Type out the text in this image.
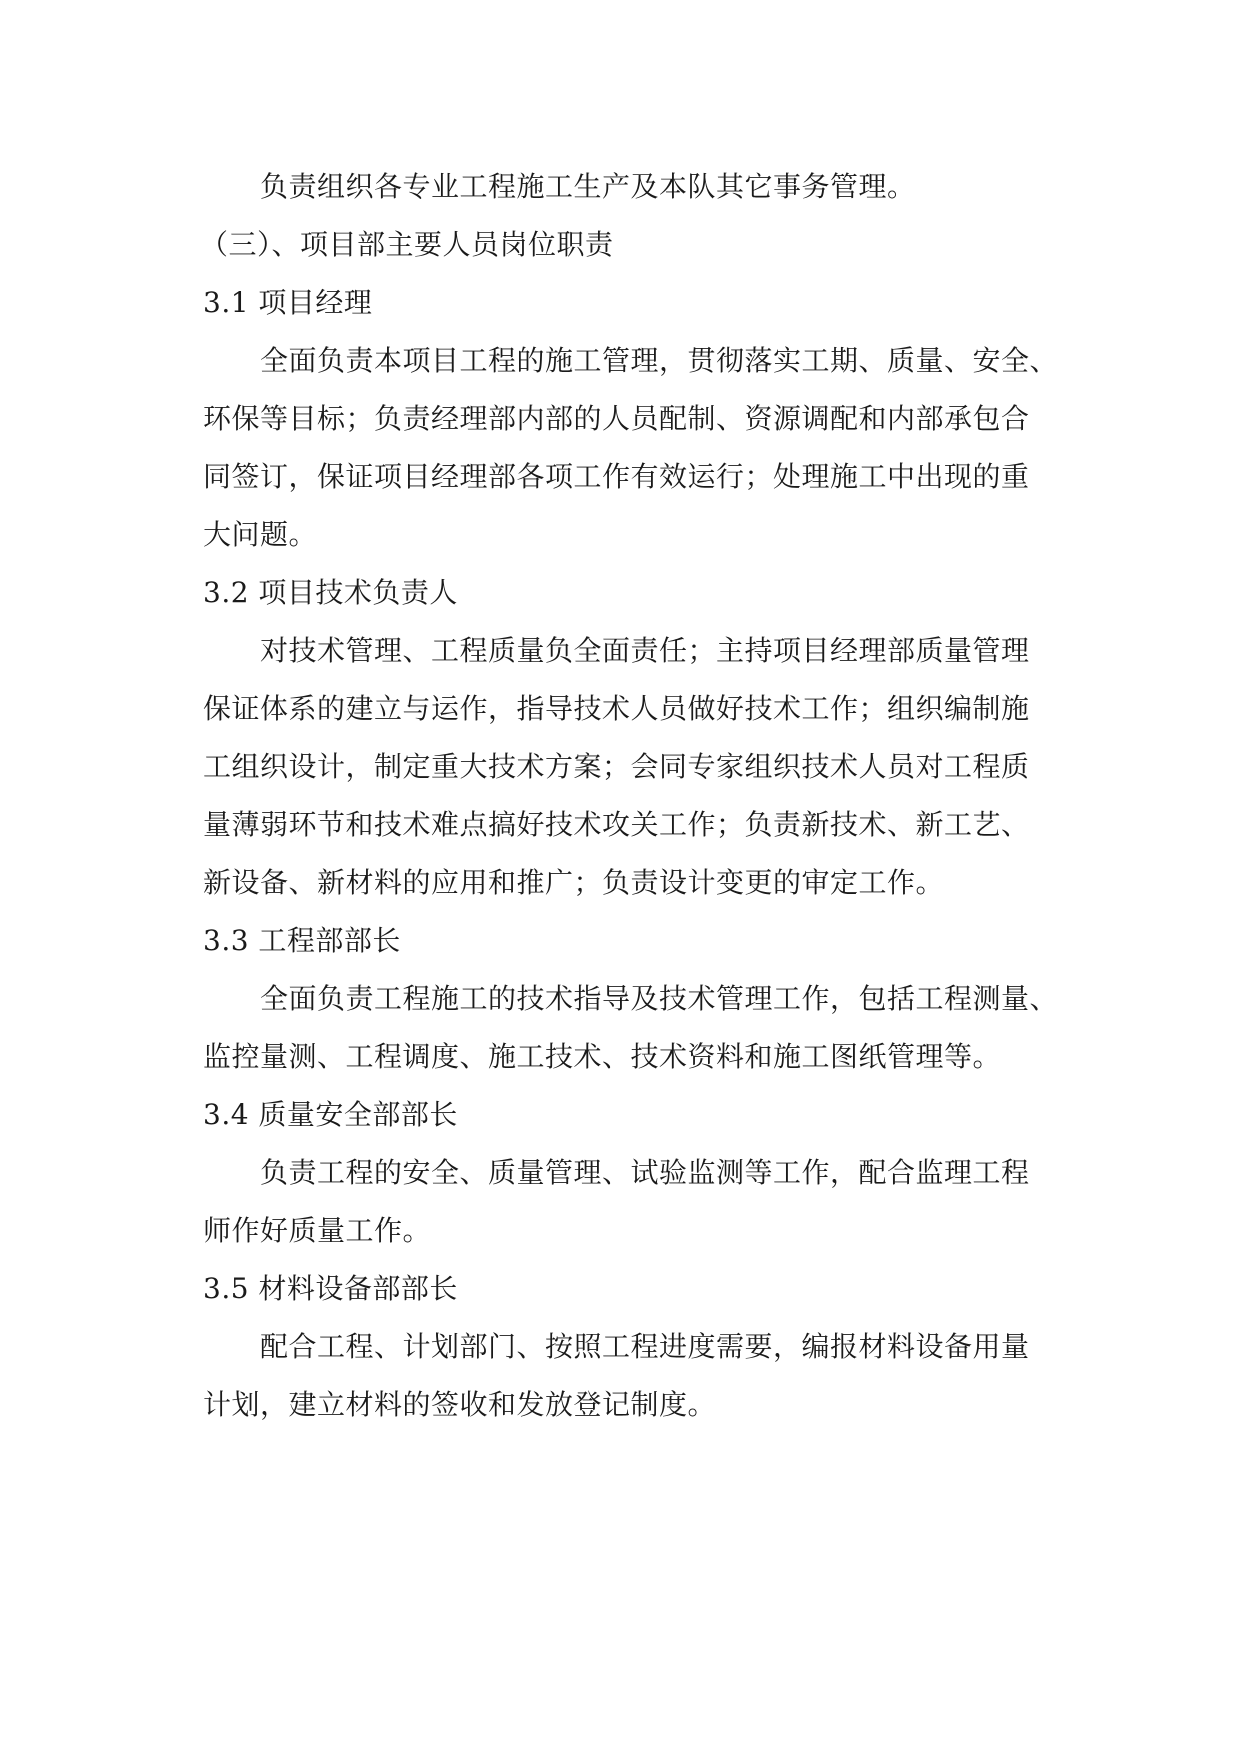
负责组织各专业工程施工生产及本队其它事务管理。
（三）、项目部主要人员岗位职责
3.1 项目经理
全面负责本项目工程的施工管理，贯彻落实工期、质量、安全、
环保等目标；负责经理部内部的人员配制、资源调配和内部承包合
同签订，保证项目经理部各项工作有效运行；处理施工中出现的重
大问题。
3.2 项目技术负责人
对技术管理、工程质量负全面责任；主持项目经理部质量管理
保证体系的建立与运作，指导技术人员做好技术工作；组织编制施
工组织设计，制定重大技术方案；会同专家组织技术人员对工程质
量薄弱环节和技术难点搞好技术攻关工作；负责新技术、新工艺、
新设备、新材料的应用和推广；负责设计变更的审定工作。
3.3 工程部部长
全面负责工程施工的技术指导及技术管理工作，包括工程测量、
监控量测、工程调度、施工技术、技术资料和施工图纸管理等。
3.4 质量安全部部长
负责工程的安全、质量管理、试验监测等工作，配合监理工程
师作好质量工作。
3.5 材料设备部部长
配合工程、计划部门、按照工程进度需要，编报材料设备用量
计划，建立材料的签收和发放登记制度。
